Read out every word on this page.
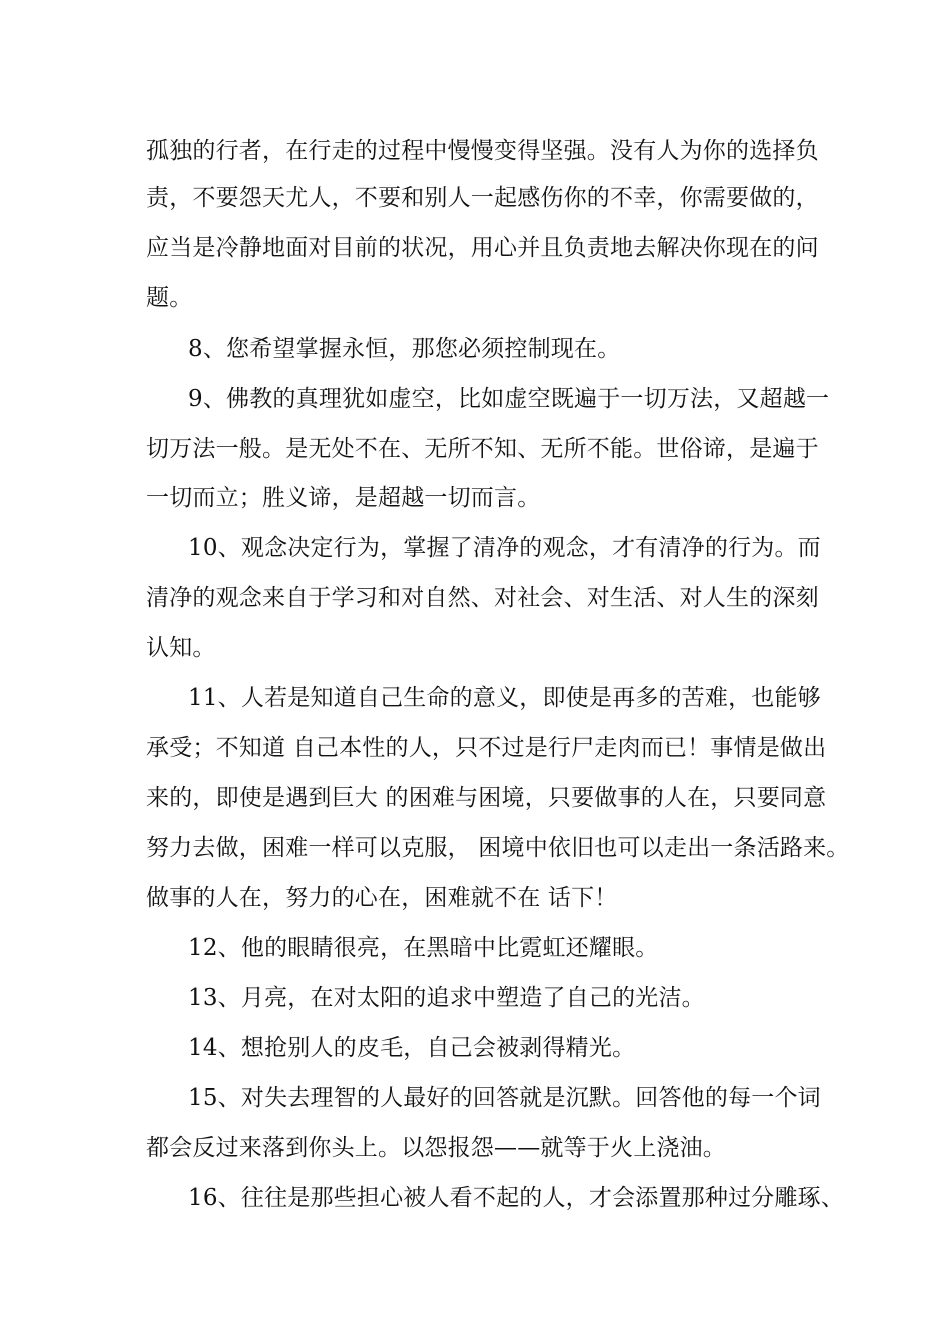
孤独的行者，在行走的过程中慢慢变得坚强。没有人为你的选择负
责，不要怨天尤人，不要和别人一起感伤你的不幸，你需要做的，
应当是冷静地面对目前的状况，用心并且负责地去解决你现在的问
题。
8、您希望掌握永恒，那您必须控制现在。
9、佛教的真理犹如虚空，比如虚空既遍于一切万法，又超越一
切万法一般。是无处不在、无所不知、无所不能。世俗谛，是遍于
一切而立；胜义谛，是超越一切而言。
10、观念决定行为，掌握了清净的观念，才有清净的行为。而
清净的观念来自于学习和对自然、对社会、对生活、对人生的深刻
认知。
11、人若是知道自己生命的意义，即使是再多的苦难，也能够
承受；不知道 自己本性的人，只不过是行尸走肉而已！事情是做出
来的，即使是遇到巨大 的困难与困境，只要做事的人在，只要同意
努力去做，困难一样可以克服， 困境中依旧也可以走出一条活路来。
做事的人在，努力的心在，困难就不在 话下！
12、他的眼睛很亮，在黑暗中比霓虹还耀眼。
13、月亮，在对太阳的追求中塑造了自己的光洁。
14、想抢别人的皮毛，自己会被剥得精光。
15、对失去理智的人最好的回答就是沉默。回答他的每一个词
都会反过来落到你头上。以怨报怨——就等于火上浇油。
16、往往是那些担心被人看不起的人，才会添置那种过分雕琢、
